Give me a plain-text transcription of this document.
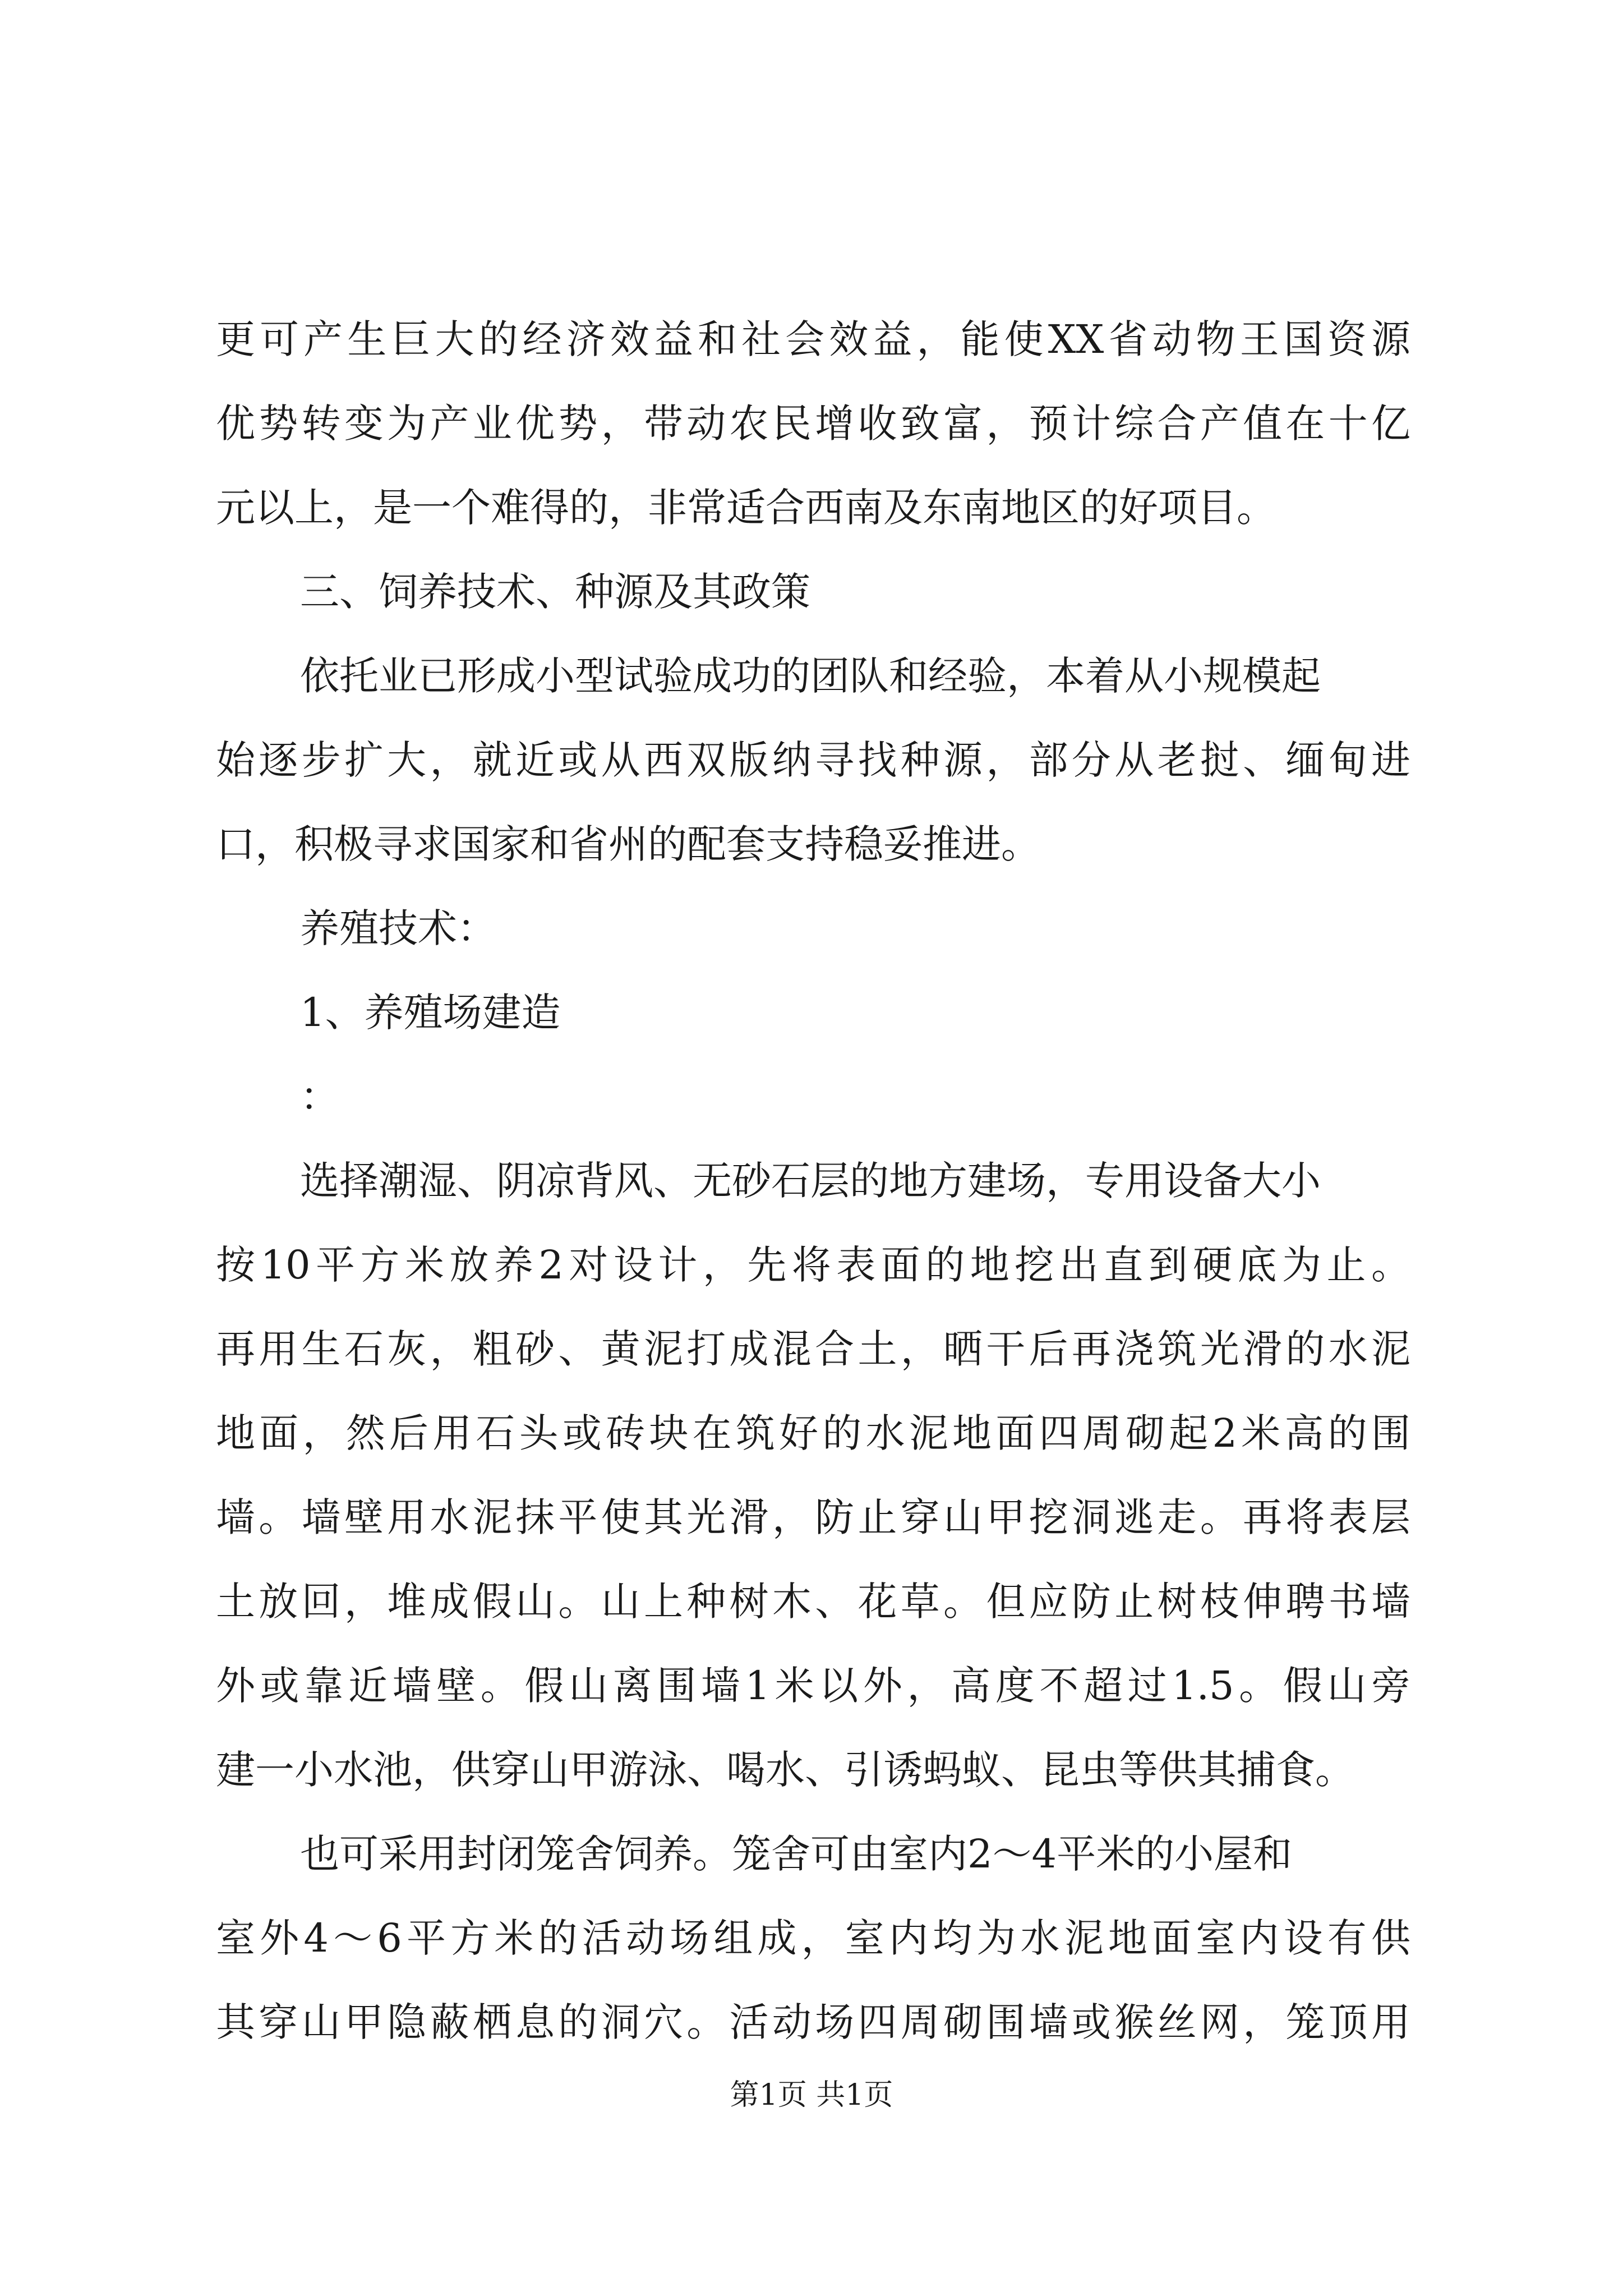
更可产生巨大的经济效益和社会效益，能使XX省动物王国资源
优势转变为产业优势，带动农民增收致富，预计综合产值在十亿
元以上，是一个难得的，非常适合西南及东南地区的好项目。
三、饲养技术、种源及其政策
依托业已形成小型试验成功的团队和经验，本着从小规模起
始逐步扩大，就近或从西双版纳寻找种源，部分从老挝、缅甸进
口，积极寻求国家和省州的配套支持稳妥推进。
养殖技术：
1、养殖场建造
：
选择潮湿、阴凉背风、无砂石层的地方建场，专用设备大小
按10平方米放养2对设计，先将表面的地挖出直到硬底为止。
再用生石灰，粗砂、黄泥打成混合土，晒干后再浇筑光滑的水泥
地面，然后用石头或砖块在筑好的水泥地面四周砌起2米高的围
墙。墙壁用水泥抹平使其光滑，防止穿山甲挖洞逃走。再将表层
土放回，堆成假山。山上种树木、花草。但应防止树枝伸聘书墙
外或靠近墙壁。假山离围墙1米以外，高度不超过1.5。假山旁
建一小水池，供穿山甲游泳、喝水、引诱蚂蚁、昆虫等供其捕食。
也可采用封闭笼舍饲养。笼舍可由室内2～4平米的小屋和
室外4～6平方米的活动场组成，室内均为水泥地面室内设有供
其穿山甲隐蔽栖息的洞穴。活动场四周砌围墙或猴丝网，笼顶用
第1页 共1页
